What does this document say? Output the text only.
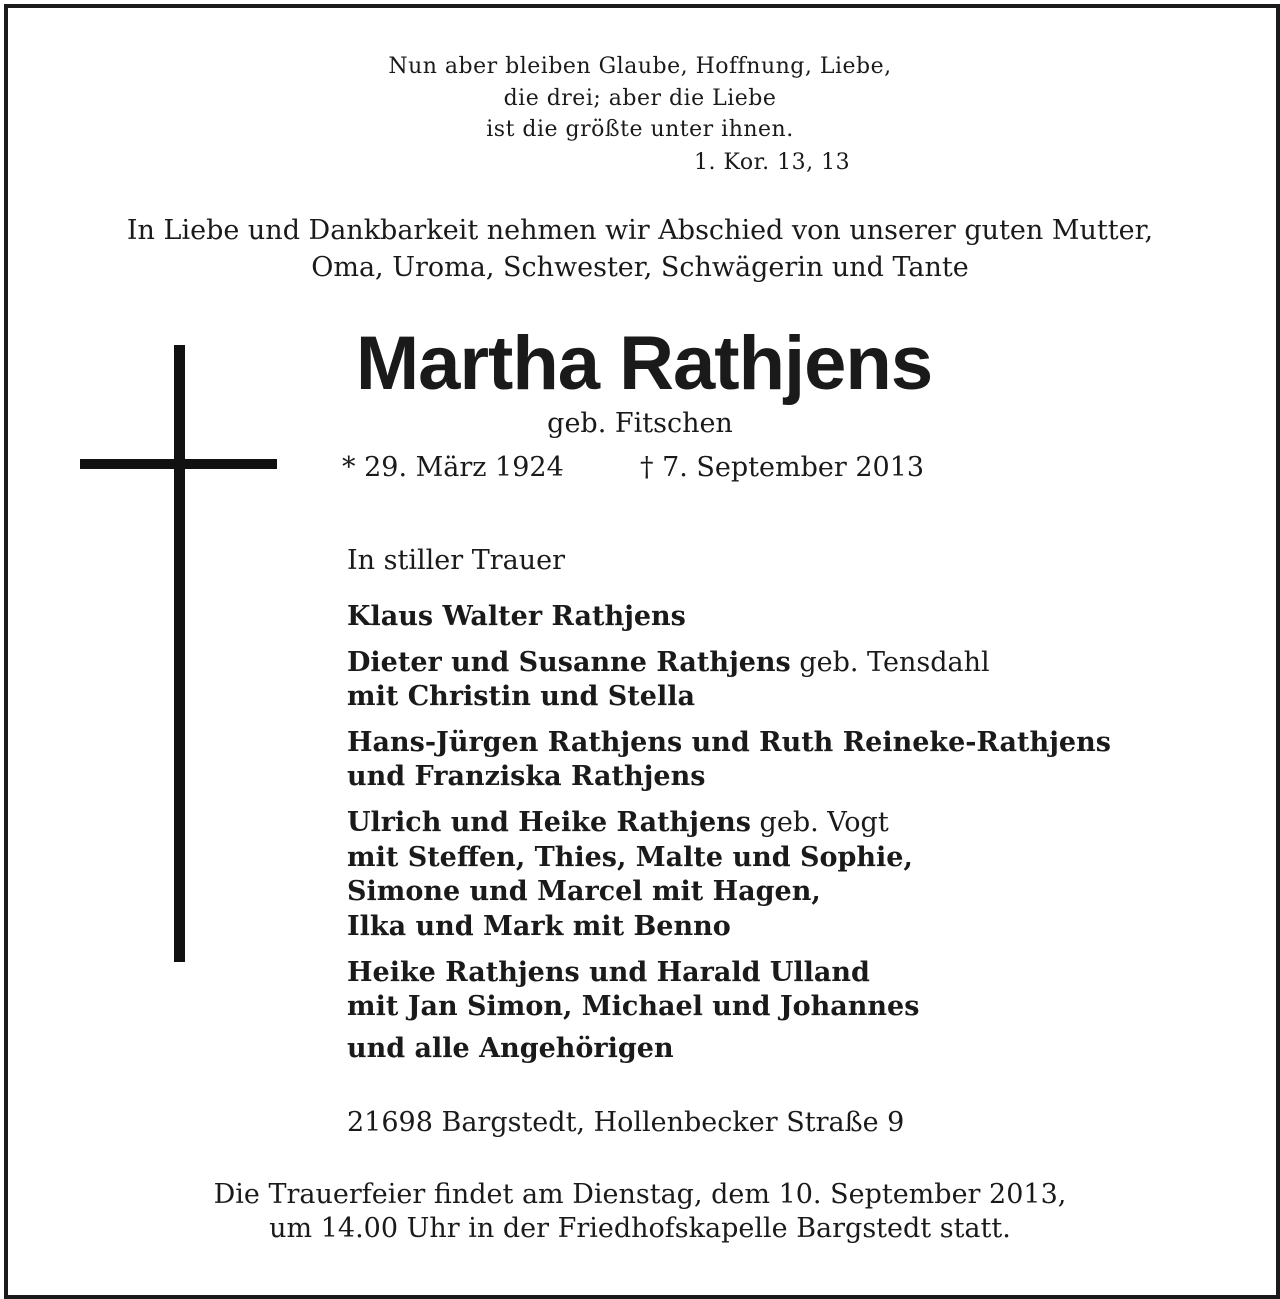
Nun aber bleiben Glaube, Hoffnung, Liebe,
die drei; aber die Liebe
ist die größte unter ihnen.
1. Kor. 13, 13
In Liebe und Dankbarkeit nehmen wir Abschied von unserer guten Mutter,
Oma, Uroma, Schwester, Schwägerin und Tante
Martha Rathjens
geb. Fitschen
* 29. März 1924	† 7. September 2013
In stiller Trauer
Klaus Walter Rathjens
Dieter und Susanne Rathjens geb. Tensdahl
mit Christin und Stella
Hans-Jürgen Rathjens und Ruth Reineke-Rathjens
und Franziska Rathjens
Ulrich und Heike Rathjens geb. Vogt
mit Steffen, Thies, Malte und Sophie,
Simone und Marcel mit Hagen,
Ilka und Mark mit Benno
Heike Rathjens und Harald Ulland
mit Jan Simon, Michael und Johannes
und alle Angehörigen
21698 Bargstedt, Hollenbecker Straße 9
Die Trauerfeier findet am Dienstag, dem 10. September 2013,
um 14.00 Uhr in der Friedhofskapelle Bargstedt statt.
